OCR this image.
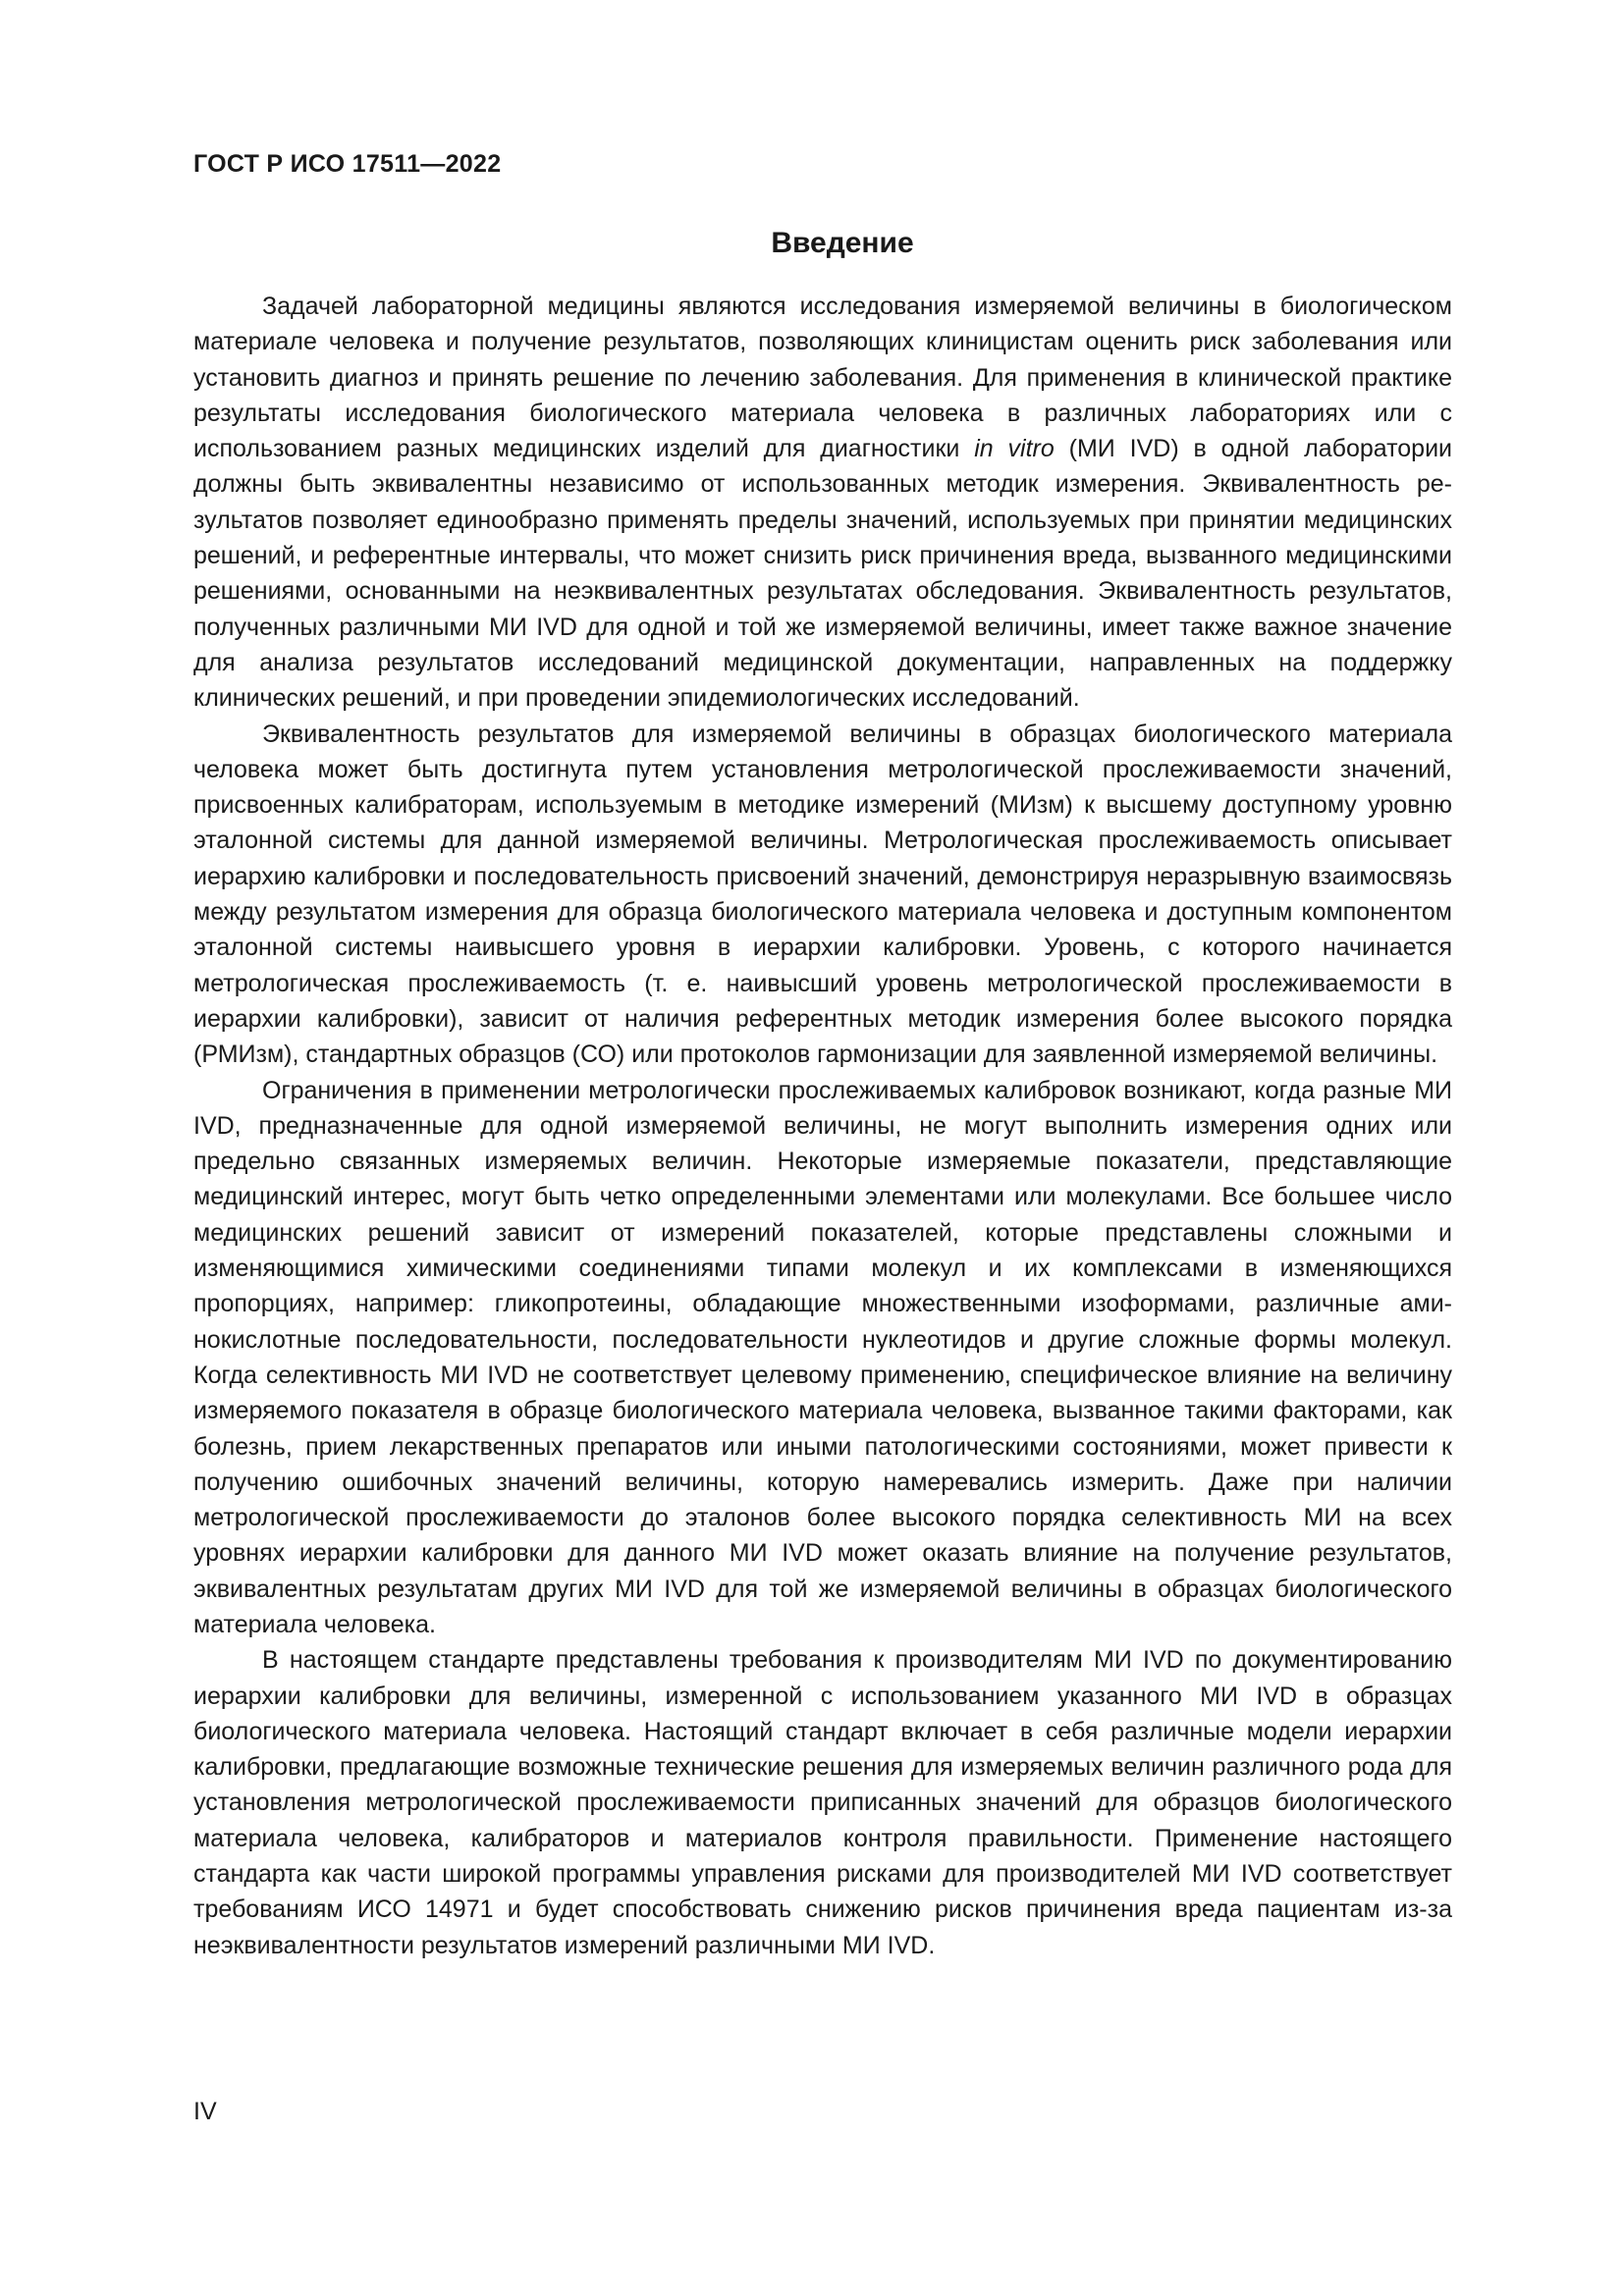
ГОСТ Р ИСО 17511—2022
Введение

Задачей лабораторной медицины являются исследования измеряемой величины в биологическом материале человека и получение результатов, позволяющих клиницистам оценить риск заболевания или установить диагноз и принять решение по лечению заболевания. Для применения в клинической практике результаты исследования биологического материала человека в различных лабораториях или с использованием разных медицинских изделий для диагностики in vitro (МИ IVD) в одной лаборатории должны быть эквивалентны независимо от использованных методик измерения. Эквивалентность результатов позволяет единообразно применять пределы значений, используемых при принятии медицинских решений, и референтные интервалы, что может снизить риск причинения вреда, вызванного медицинскими решениями, основанными на неэквивалентных результатах обследования. Эквивалентность результатов, полученных различными МИ IVD для одной и той же измеряемой величины, имеет также важное значение для анализа результатов исследований медицинской документации, направленных на поддержку клинических решений, и при проведении эпидемиологических исследований.

Эквивалентность результатов для измеряемой величины в образцах биологического материала человека может быть достигнута путем установления метрологической прослеживаемости значений, присвоенных калибраторам, используемым в методике измерений (МИзм) к высшему доступному уровню эталонной системы для данной измеряемой величины. Метрологическая прослеживаемость описывает иерархию калибровки и последовательность присвоений значений, демонстрируя неразрывную взаимосвязь между результатом измерения для образца биологического материала человека и доступным компонентом эталонной системы наивысшего уровня в иерархии калибровки. Уровень, с которого начинается метрологическая прослеживаемость (т. е. наивысший уровень метрологической прослеживаемости в иерархии калибровки), зависит от наличия референтных методик измерения более высокого порядка (РМИзм), стандартных образцов (СО) или протоколов гармонизации для заявленной измеряемой величины.

Ограничения в применении метрологически прослеживаемых калибровок возникают, когда разные МИ IVD, предназначенные для одной измеряемой величины, не могут выполнить измерения одних или предельно связанных измеряемых величин. Некоторые измеряемые показатели, представляющие медицинский интерес, могут быть четко определенными элементами или молекулами. Все большее число медицинских решений зависит от измерений показателей, которые представлены сложными и изменяющимися химическими соединениями типами молекул и их комплексами в изменяющихся пропорциях, например: гликопротеины, обладающие множественными изоформами, различные аминокислотные последовательности, последовательности нуклеотидов и другие сложные формы молекул. Когда селективность МИ IVD не соответствует целевому применению, специфическое влияние на величину измеряемого показателя в образце биологического материала человека, вызванное такими факторами, как болезнь, прием лекарственных препаратов или иными патологическими состояниями, может привести к получению ошибочных значений величины, которую намеревались измерить. Даже при наличии метрологической прослеживаемости до эталонов более высокого порядка селективность МИ на всех уровнях иерархии калибровки для данного МИ IVD может оказать влияние на получение результатов, эквивалентных результатам других МИ IVD для той же измеряемой величины в образцах биологического материала человека.

В настоящем стандарте представлены требования к производителям МИ IVD по документированию иерархии калибровки для величины, измеренной с использованием указанного МИ IVD в образцах биологического материала человека. Настоящий стандарт включает в себя различные модели иерархии калибровки, предлагающие возможные технические решения для измеряемых величин различного рода для установления метрологической прослеживаемости приписанных значений для образцов биологического материала человека, калибраторов и материалов контроля правильности. Применение настоящего стандарта как части широкой программы управления рисками для производителей МИ IVD соответствует требованиям ИСО 14971 и будет способствовать снижению рисков причинения вреда пациентам из-за неэквивалентности результатов измерений различными МИ IVD.

IV
